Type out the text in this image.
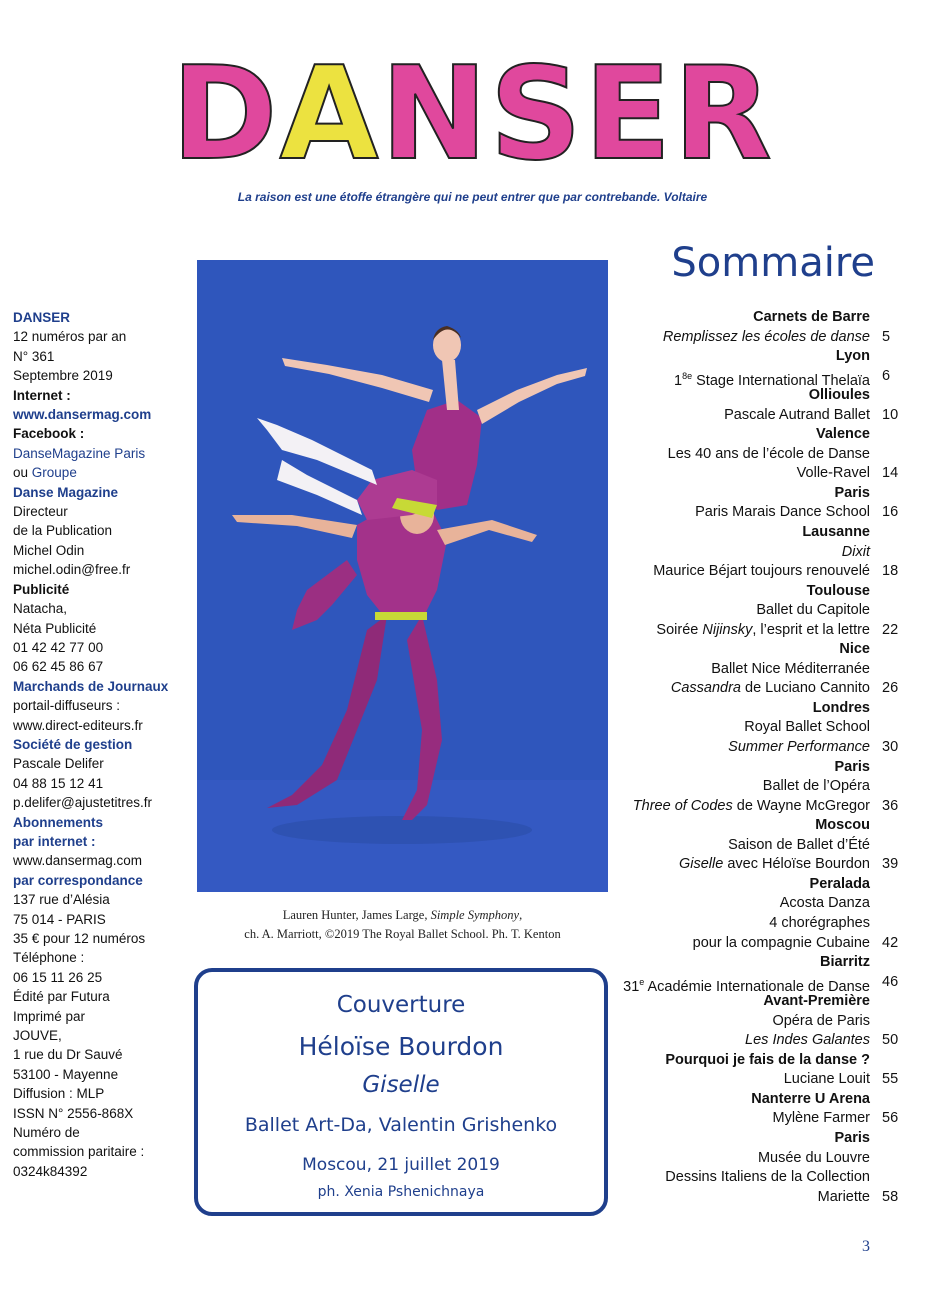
DANSER
La raison est une étoffe étrangère qui ne peut entrer que par contrebande. Voltaire
DANSER
12 numéros par an
N° 361
Septembre 2019
Internet :
www.dansermag.com
Facebook :
DanseMagazine Paris
ou Groupe
Danse Magazine
Directeur
de la Publication
Michel Odin
michel.odin@free.fr
Publicité
Natacha,
Néta Publicité
01 42 42 77 00
06 62 45 86 67
Marchands de Journaux
portail-diffuseurs :
www.direct-editeurs.fr
Société de gestion
Pascale Delifer
04 88 15 12 41
p.delifer@ajustetitres.fr
Abonnements
par internet :
www.dansermag.com
par correspondance
137 rue d’Alésia
75 014 - PARIS
35 € pour 12 numéros
Téléphone :
06 15 11 26 25
Édité par Futura
Imprimé par
JOUVE,
1 rue du Dr Sauvé
53100 - Mayenne
Diffusion : MLP
ISSN N° 2556-868X
Numéro de
commission paritaire :
0324k84392
Lauren Hunter, James Large, Simple Symphony,
ch. A. Marriott, ©2019 The Royal Ballet School. Ph. T. Kenton
Couverture
Héloïse Bourdon
Giselle
Ballet Art-Da, Valentin Grishenko
Moscou, 21 juillet 2019
ph. Xenia Pshenichnaya
Sommaire
Carnets de Barre
Remplissez les écoles de danse 5
Lyon
$1^{8e}$ Stage International Thelaïa 6
Ollioules
Pascale Autrand Ballet 10
Valence
Les 40 ans de l’école de Danse
Volle-Ravel 14
Paris
Paris Marais Dance School 16
Lausanne
Dixit
Maurice Béjart toujours renouvelé 18
Toulouse
Ballet du Capitole
Soirée Nijinsky, l’esprit et la lettre 22
Nice
Ballet Nice Méditerranée
Cassandra de Luciano Cannito 26
Londres
Royal Ballet School
Summer Performance 30
Paris
Ballet de l’Opéra
Three of Codes de Wayne McGregor 36
Moscou
Saison de Ballet d’Été
Giselle avec Héloïse Bourdon 39
Peralada
Acosta Danza
4 chorégraphes
pour la compagnie Cubaine 42
Biarritz
31e Académie Internationale de Danse 46
Avant-Première
Opéra de Paris
Les Indes Galantes 50
Pourquoi je fais de la danse ?
Luciane Louit 55
Nanterre U Arena
Mylène Farmer 56
Paris
Musée du Louvre
Dessins Italiens de la Collection
Mariette 58
3
